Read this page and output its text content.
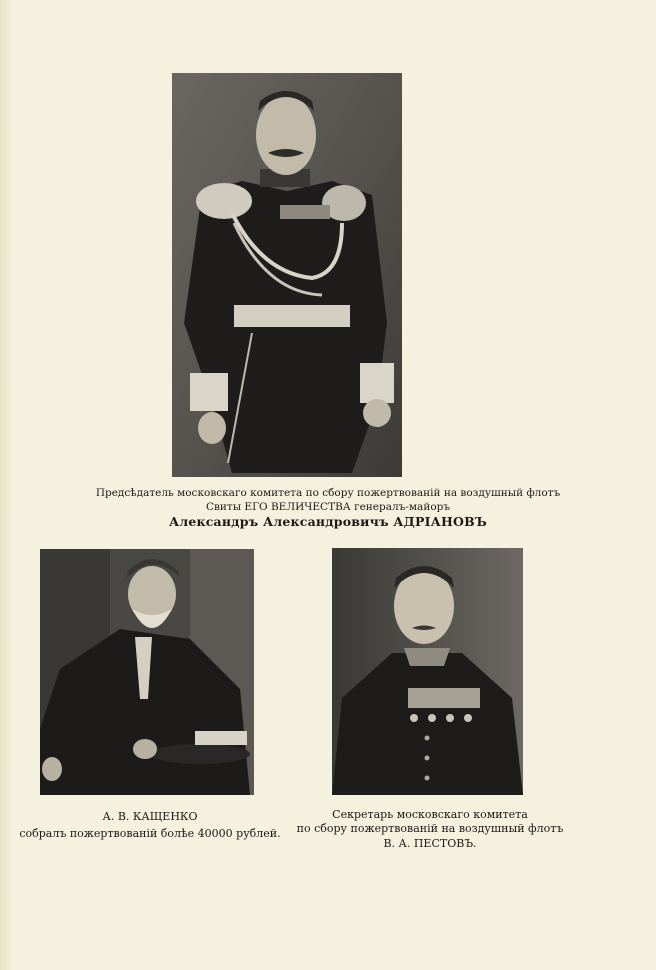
Предсѣдатель московскаго комитета по сбору пожертвованій на воздушный флотъ
Свиты ЕГО ВЕЛИЧЕСТВА генералъ-майоръ
Александръ Александровичъ АДРІАНОВЪ
А. В. КАЩЕНКО
собралъ пожертвованій болѣе 40000 рублей.
Секретарь московскаго комитета
по сбору пожертвованій на воздушный флотъ
В. А. ПЕСТОВЪ.
